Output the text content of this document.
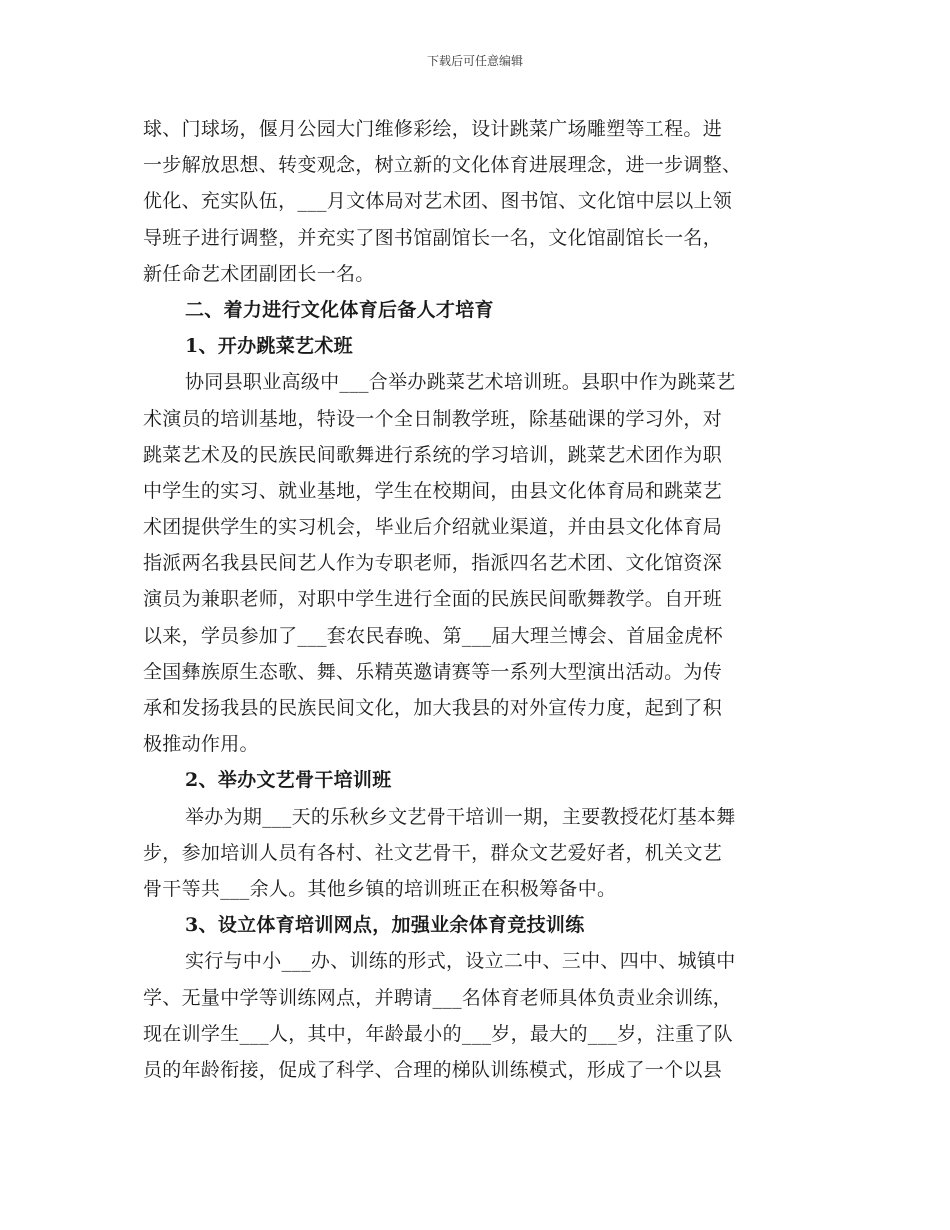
下载后可任意编辑
球、门球场，偃月公园大门维修彩绘，设计跳菜广场雕塑等工程。进
一步解放思想、转变观念，树立新的文化体育进展理念，进一步调整、
优化、充实队伍，___月文体局对艺术团、图书馆、文化馆中层以上领
导班子进行调整，并充实了图书馆副馆长一名，文化馆副馆长一名，
新任命艺术团副团长一名。
二、着力进行文化体育后备人才培育
1、开办跳菜艺术班
协同县职业高级中___合举办跳菜艺术培训班。县职中作为跳菜艺
术演员的培训基地，特设一个全日制教学班，除基础课的学习外，对
跳菜艺术及的民族民间歌舞进行系统的学习培训，跳菜艺术团作为职
中学生的实习、就业基地，学生在校期间，由县文化体育局和跳菜艺
术团提供学生的实习机会，毕业后介绍就业渠道，并由县文化体育局
指派两名我县民间艺人作为专职老师，指派四名艺术团、文化馆资深
演员为兼职老师，对职中学生进行全面的民族民间歌舞教学。自开班
以来，学员参加了___套农民春晚、第___届大理兰博会、首届金虎杯
全国彝族原生态歌、舞、乐精英邀请赛等一系列大型演出活动。为传
承和发扬我县的民族民间文化，加大我县的对外宣传力度，起到了积
极推动作用。
2、举办文艺骨干培训班
举办为期___天的乐秋乡文艺骨干培训一期，主要教授花灯基本舞
步，参加培训人员有各村、社文艺骨干，群众文艺爱好者，机关文艺
骨干等共___余人。其他乡镇的培训班正在积极筹备中。
3、设立体育培训网点，加强业余体育竞技训练
实行与中小___办、训练的形式，设立二中、三中、四中、城镇中
学、无量中学等训练网点，并聘请___名体育老师具体负责业余训练，
现在训学生___人，其中，年龄最小的___岁，最大的___岁，注重了队
员的年龄衔接，促成了科学、合理的梯队训练模式，形成了一个以县
